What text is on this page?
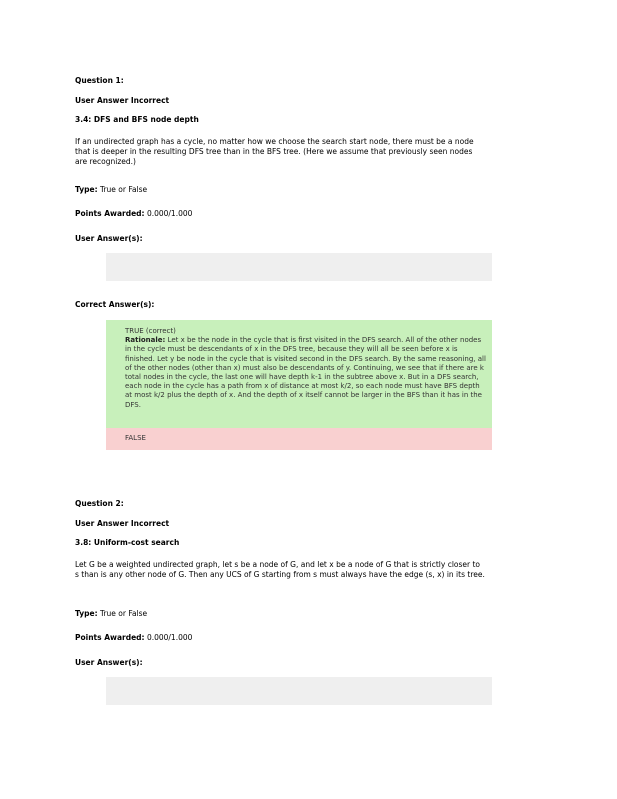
Question 1:

User Answer Incorrect

3.4: DFS and BFS node depth

If an undirected graph has a cycle, no matter how we choose the search start node, there must be a node that is deeper in the resulting DFS tree than in the BFS tree. (Here we assume that previously seen nodes are recognized.)

Type: True or False

Points Awarded: 0.000/1.000

User Answer(s):

Correct Answer(s):

TRUE (correct)

Rationale: Let x be the node in the cycle that is first visited in the DFS search. All of the other nodes in the cycle must be descendants of x in the DFS tree, because they will all be seen before x is finished. Let y be node in the cycle that is visited second in the DFS search. By the same reasoning, all of the other nodes (other than x) must also be descendants of y. Continuing, we see that if there are k total nodes in the cycle, the last one will have depth k-1 in the subtree above x. But in a DFS search, each node in the cycle has a path from x of distance at most k/2, so each node must have BFS depth at most k/2 plus the depth of x. And the depth of x itself cannot be larger in the BFS than it has in the DFS.

FALSE

Question 2:

User Answer Incorrect

3.8: Uniform-cost search

Let G be a weighted undirected graph, let s be a node of G, and let x be a node of G that is strictly closer to s than is any other node of G. Then any UCS of G starting from s must always have the edge (s, x) in its tree.

Type: True or False

Points Awarded: 0.000/1.000

User Answer(s):
